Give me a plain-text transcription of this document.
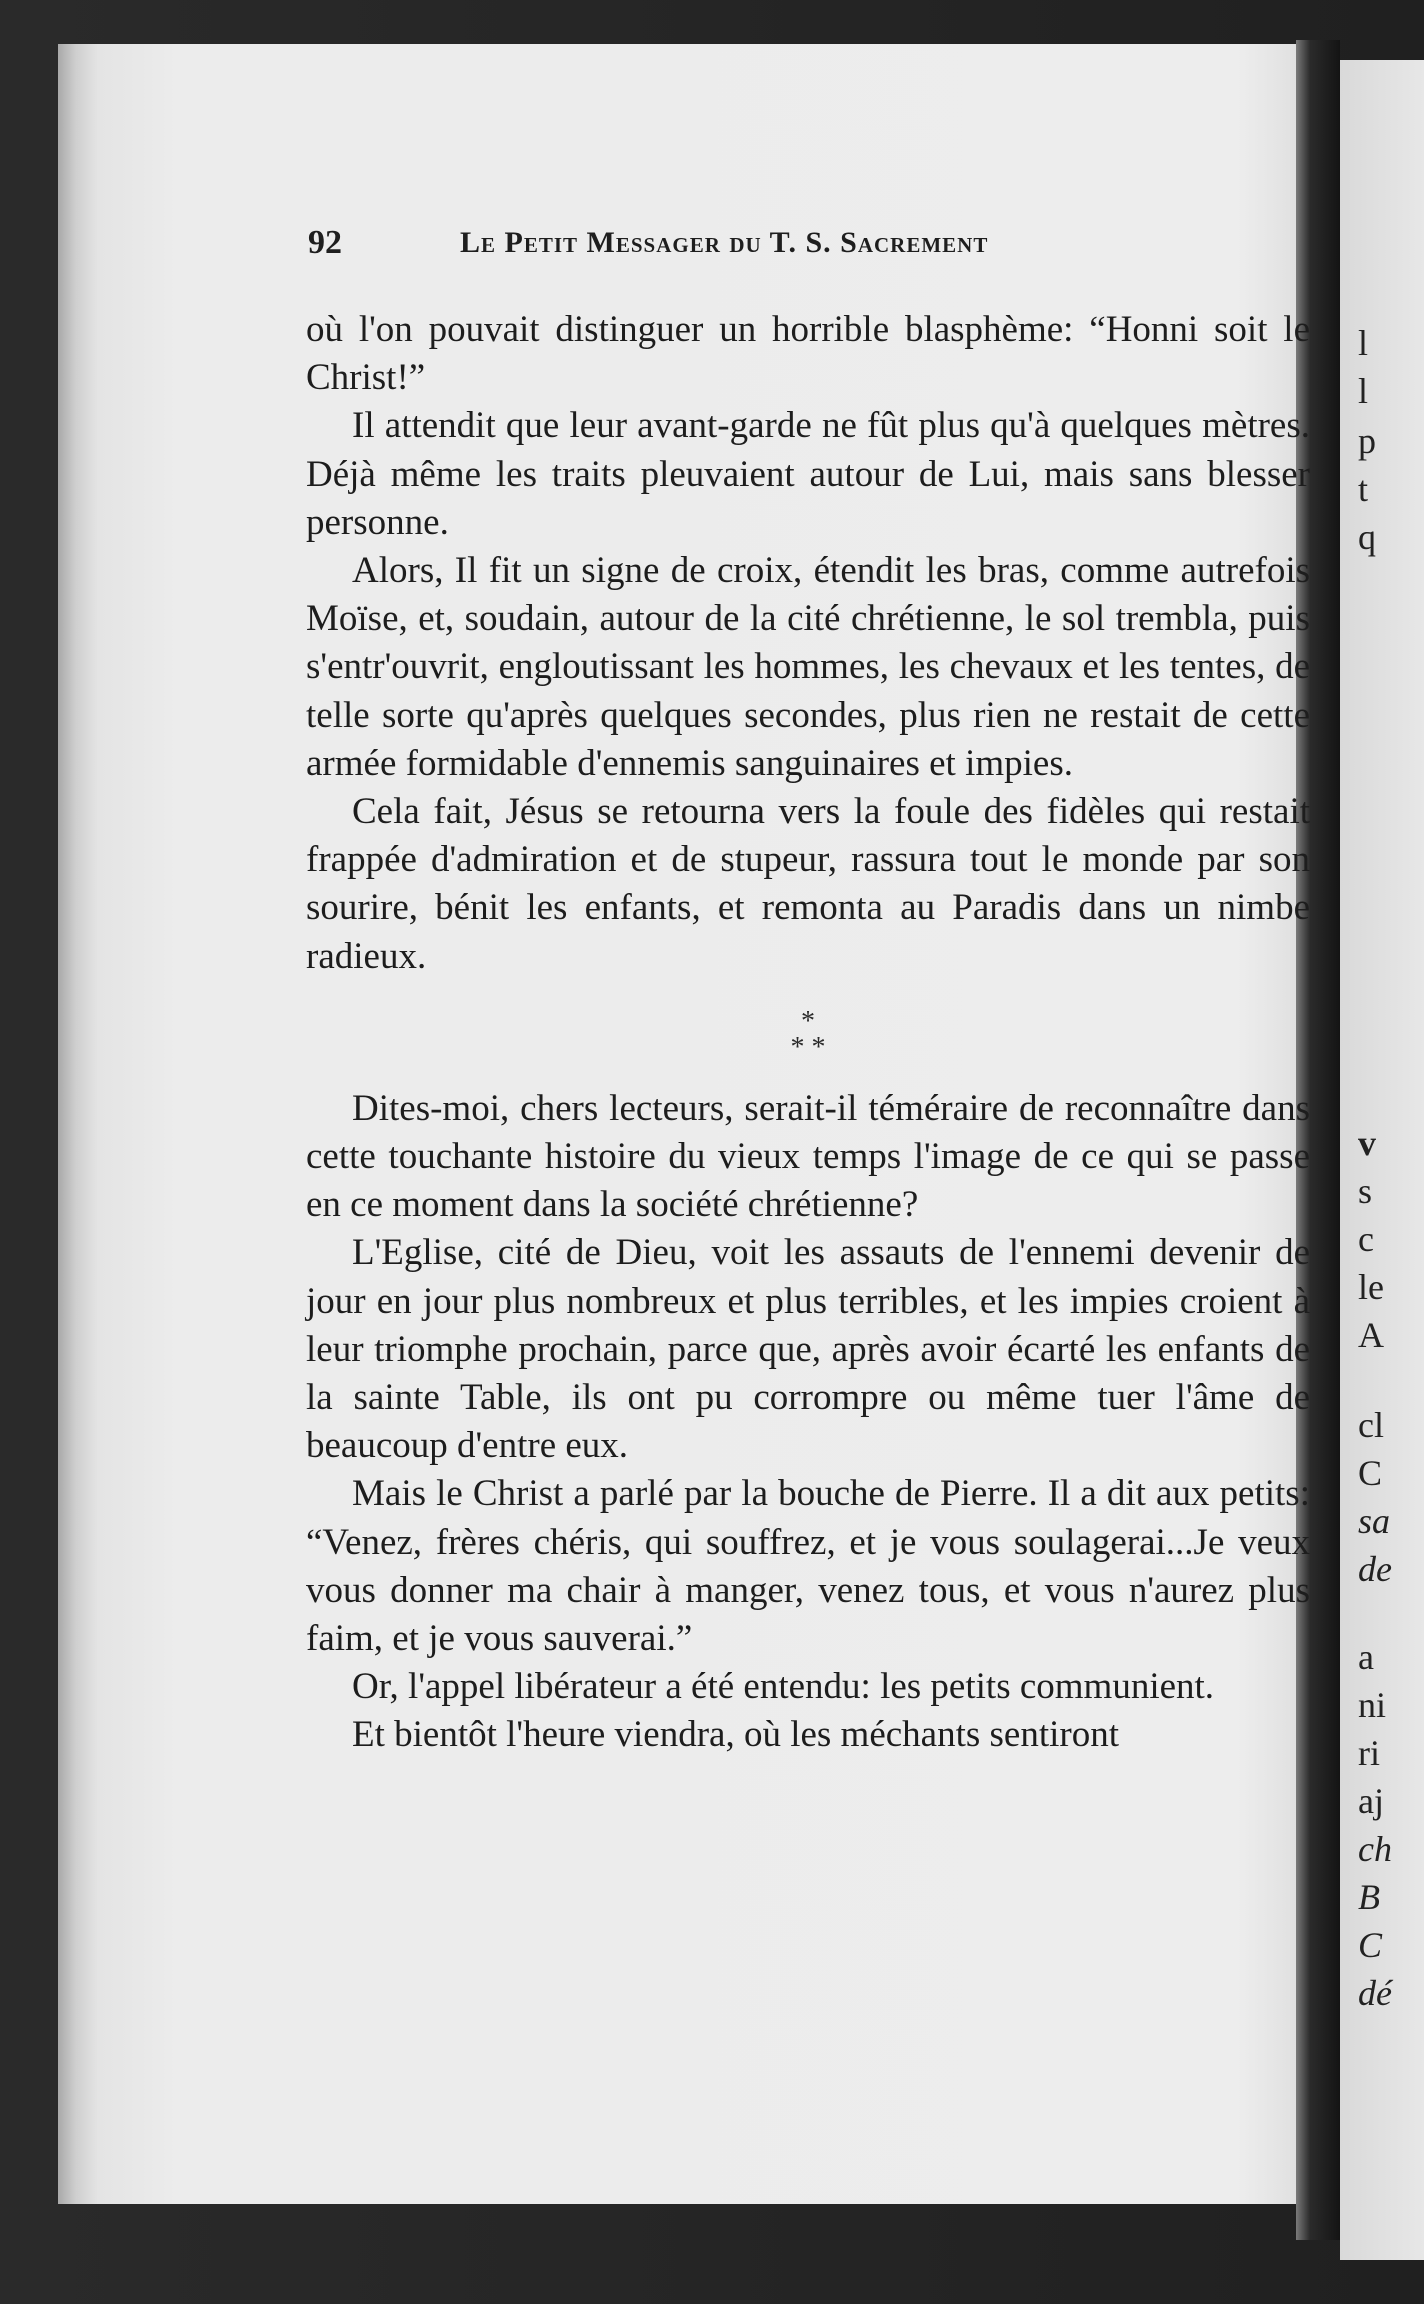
l

l

p

t

q

v

s

c

le

A

cl

C

sa

de

a

ni

ri

aj

ch

B

C

dé

92	Le Petit Messager du T. S. Sacrement

où l'on pouvait distinguer un horrible blasphème: “Honni soit le Christ!”

Il attendit que leur avant-garde ne fût plus qu'à quelques mètres. Déjà même les traits pleuvaient autour de Lui, mais sans blesser personne.

Alors, Il fit un signe de croix, étendit les bras, comme autrefois Moïse, et, soudain, autour de la cité chrétienne, le sol trembla, puis s'entr'ouvrit, engloutissant les hommes, les chevaux et les tentes, de telle sorte qu'après quelques secondes, plus rien ne restait de cette armée formidable d'ennemis sanguinaires et impies.

Cela fait, Jésus se retourna vers la foule des fidèles qui restait frappée d'admiration et de stupeur, rassura tout le monde par son sourire, bénit les enfants, et remonta au Paradis dans un nimbe radieux.

*
* *

Dites-moi, chers lecteurs, serait-il téméraire de reconnaître dans cette touchante histoire du vieux temps l'image de ce qui se passe en ce moment dans la société chrétienne?

L'Eglise, cité de Dieu, voit les assauts de l'ennemi devenir de jour en jour plus nombreux et plus terribles, et les impies croient à leur triomphe prochain, parce que, après avoir écarté les enfants de la sainte Table, ils ont pu corrompre ou même tuer l'âme de beaucoup d'entre eux.

Mais le Christ a parlé par la bouche de Pierre. Il a dit aux petits: “Venez, frères chéris, qui souffrez, et je vous soulagerai...Je veux vous donner ma chair à manger, venez tous, et vous n'aurez plus faim, et je vous sauverai.”

Or, l'appel libérateur a été entendu: les petits communient.

Et bientôt l'heure viendra, où les méchants sentiront
